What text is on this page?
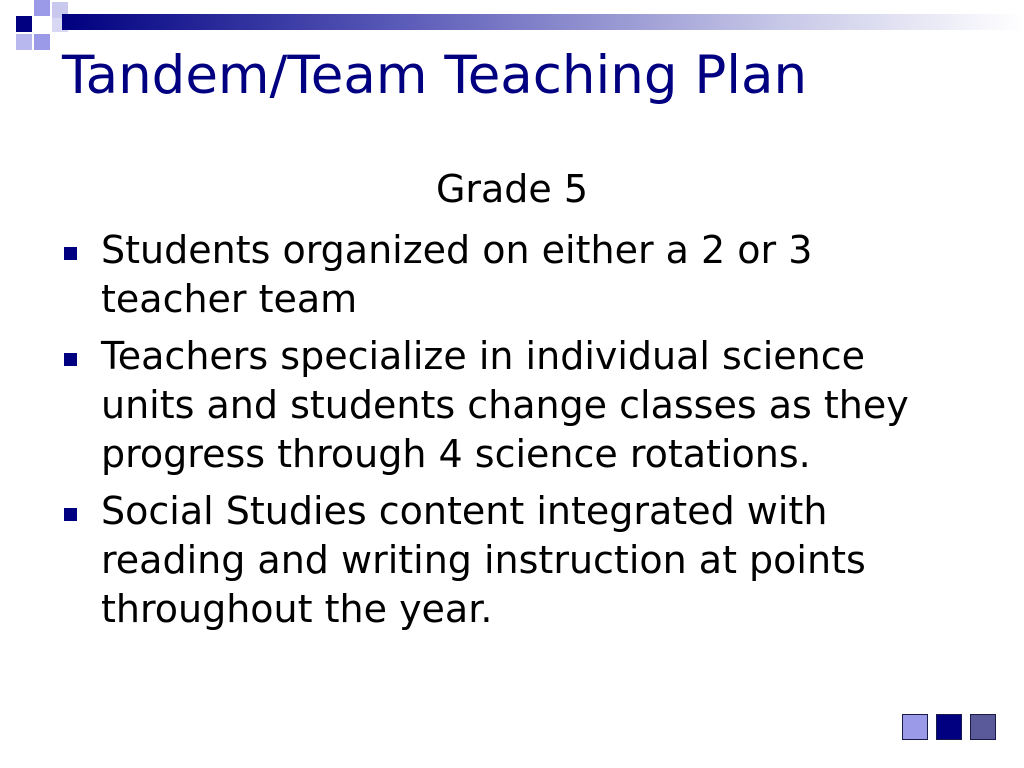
Tandem/Team Teaching Plan
Grade 5
Students organized on either a 2 or 3 teacher team
Teachers specialize in individual science units and students change classes as they progress through 4 science rotations.
Social Studies content integrated with reading and writing instruction at points throughout the year.
